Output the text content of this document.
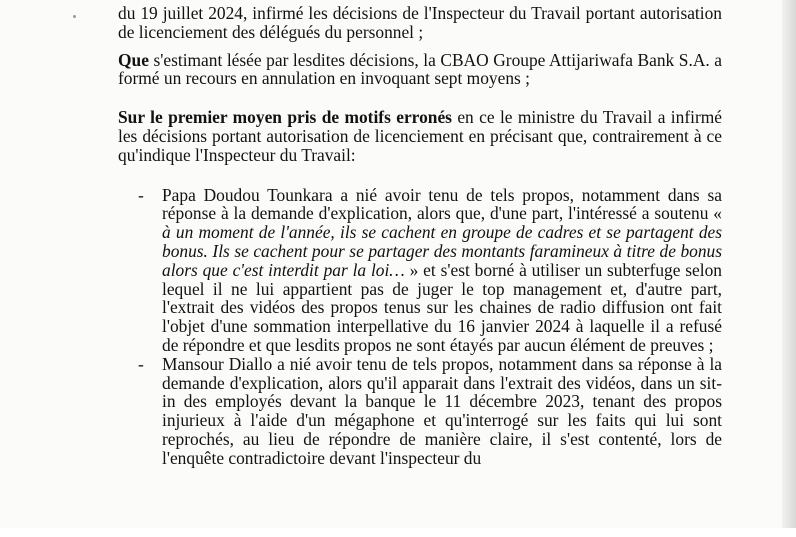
du 19 juillet 2024, infirmé les décisions de l'Inspecteur du Travail portant autorisation de licenciement des délégués du personnel ;

Que s'estimant lésée par lesdites décisions, la CBAO Groupe Attijariwafa Bank S.A. a formé un recours en annulation en invoquant sept moyens ;

Sur le premier moyen pris de motifs erronés en ce le ministre du Travail a infirmé les décisions portant autorisation de licenciement en précisant que, contrairement à ce qu'indique l'Inspecteur du Travail:

- Papa Doudou Tounkara a nié avoir tenu de tels propos, notamment dans sa réponse à la demande d'explication, alors que, d'une part, l'intéressé a soutenu « à un moment de l'année, ils se cachent en groupe de cadres et se partagent des bonus. Ils se cachent pour se partager des montants faramineux à titre de bonus alors que c'est interdit par la loi… » et s'est borné à utiliser un subterfuge selon lequel il ne lui appartient pas de juger le top management et, d'autre part, l'extrait des vidéos des propos tenus sur les chaines de radio diffusion ont fait l'objet d'une sommation interpellative du 16 janvier 2024 à laquelle il a refusé de répondre et que lesdits propos ne sont étayés par aucun élément de preuves ;
- Mansour Diallo a nié avoir tenu de tels propos, notamment dans sa réponse à la demande d'explication, alors qu'il apparait dans l'extrait des vidéos, dans un sit-in des employés devant la banque le 11 décembre 2023, tenant des propos injurieux à l'aide d'un mégaphone et qu'interrogé sur les faits qui lui sont reprochés, au lieu de répondre de manière claire, il s'est contenté, lors de l'enquête contradictoire devant l'inspecteur du
